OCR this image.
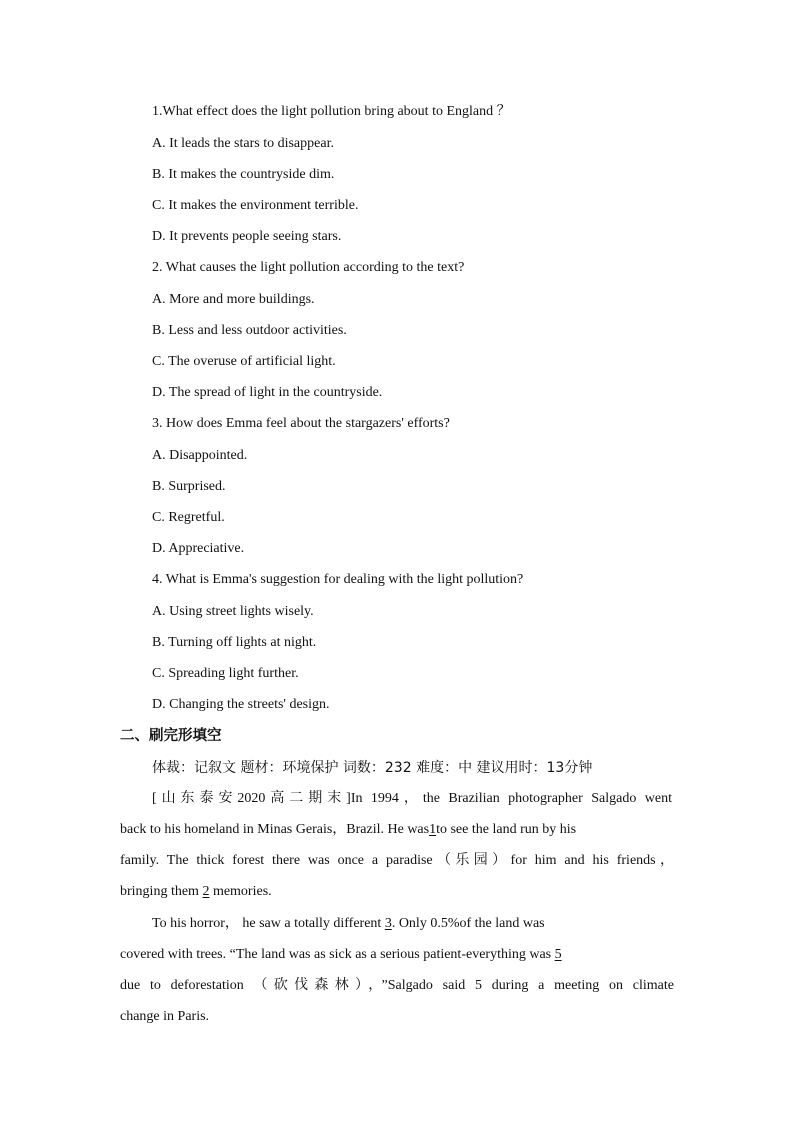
1.What effect does the light pollution bring about to England ？
A. It leads the stars to disappear.
B. It makes the countryside dim.
C. It makes the environment terrible.
D. It prevents people seeing stars.
2. What causes the light pollution according to the text?
A. More and more buildings.
B. Less and less outdoor activities.
C. The overuse of artificial light.
D. The spread of light in the countryside.
3. How does Emma feel about the stargazers' efforts?
A. Disappointed.
B. Surprised.
C. Regretful.
D. Appreciative.
4. What is Emma's suggestion for dealing with the light pollution?
A. Using street lights wisely.
B. Turning off lights at night.
C. Spreading light further.
D. Changing the streets' design.
二、刷完形填空
体裁：记叙文 题材：环境保护 词数：232 难度：中 建议用时：13分钟
[山东泰安2020高二期末]In 1994，the Brazilian photographer Salgado went
back to his homeland in Minas Gerais，Brazil. He was1to see the land run by his
family. The thick forest there was once a paradise（乐园）for him and his friends，
bringing them 2 memories.
To his horror， he saw a totally different 3. Only 0.5%of the land was
covered with trees. “The land was as sick as a serious patient-everything was 5
due to deforestation （砍伐森林），”Salgado said 5 during a meeting on climate
change in Paris.
